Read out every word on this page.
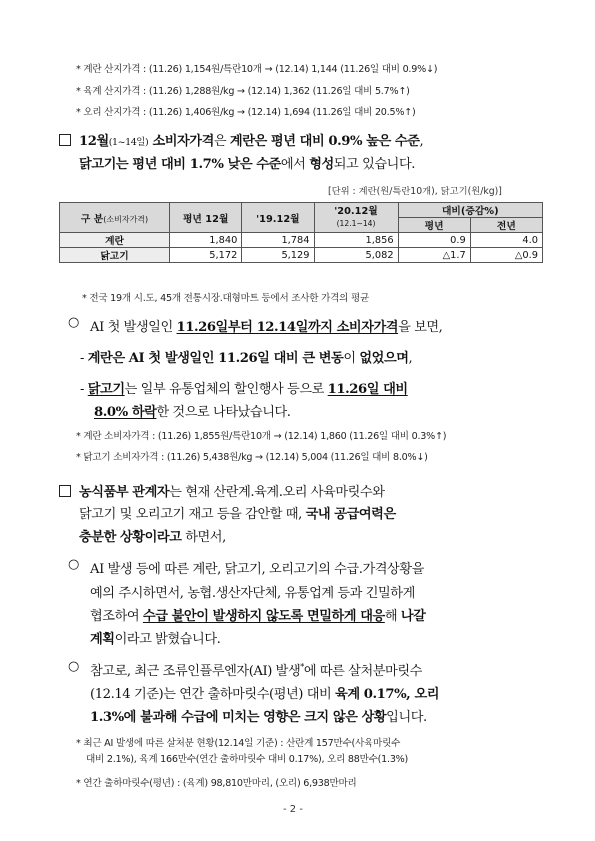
* 계란 산지가격 : (11.26) 1,154원/특란10개 → (12.14) 1,144 (11.26일 대비 0.9%↓)
* 육계 산지가격 : (11.26) 1,288원/kg → (12.14) 1,362 (11.26일 대비 5.7%↑)
* 오리 산지가격 : (11.26) 1,406원/kg → (12.14) 1,694 (11.26일 대비 20.5%↑)
12월(1~14일) 소비자가격은 계란은 평년 대비 0.9% 높은 수준,
닭고기는 평년 대비 1.7% 낮은 수준에서 형성되고 있습니다.
[단위 : 계란(원/특란10개), 닭고기(원/kg)]
구 분(소비자가격)	평년 12월	'19.12월	'20.12월
(12.1~14)	대비(증감%)	
				평년	전년
계란	1,840	1,784	1,856	0.9	4.0
닭고기	5,172	5,129	5,082	△1.7	△0.9
* 전국 19개 시.도, 45개 전통시장.대형마트 등에서 조사한 가격의 평균
○ AI 첫 발생일인 11.26일부터 12.14일까지 소비자가격을 보면,
- 계란은 AI 첫 발생일인 11.26일 대비 큰 변동이 없었으며,
- 닭고기는 일부 유통업체의 할인행사 등으로 11.26일 대비
8.0% 하락한 것으로 나타났습니다.
* 계란 소비자가격 : (11.26) 1,855원/특란10개 → (12.14) 1,860 (11.26일 대비 0.3%↑)
* 닭고기 소비자가격 : (11.26) 5,438원/kg → (12.14) 5,004 (11.26일 대비 8.0%↓)
농식품부 관계자는 현재 산란계.육계.오리 사육마릿수와
닭고기 및 오리고기 재고 등을 감안할 때, 국내 공급여력은
충분한 상황이라고 하면서,
○ AI 발생 등에 따른 계란, 닭고기, 오리고기의 수급.가격상황을
예의 주시하면서, 농협.생산자단체, 유통업계 등과 긴밀하게
협조하여 수급 불안이 발생하지 않도록 면밀하게 대응해 나갈
계획이라고 밝혔습니다.
○ 참고로, 최근 조류인플루엔자(AI) 발생*에 따른 살처분마릿수
(12.14 기준)는 연간 출하마릿수(평년) 대비 육계 0.17%, 오리
1.3%에 불과해 수급에 미치는 영향은 크지 않은 상황입니다.
* 최근 AI 발생에 따른 살처분 현황(12.14일 기준) : 산란계 157만수(사육마릿수
대비 2.1%), 육계 166만수(연간 출하마릿수 대비 0.17%), 오리 88만수(1.3%)
* 연간 출하마릿수(평년) : (육계) 98,810만마리, (오리) 6,938만마리
- 2 -
